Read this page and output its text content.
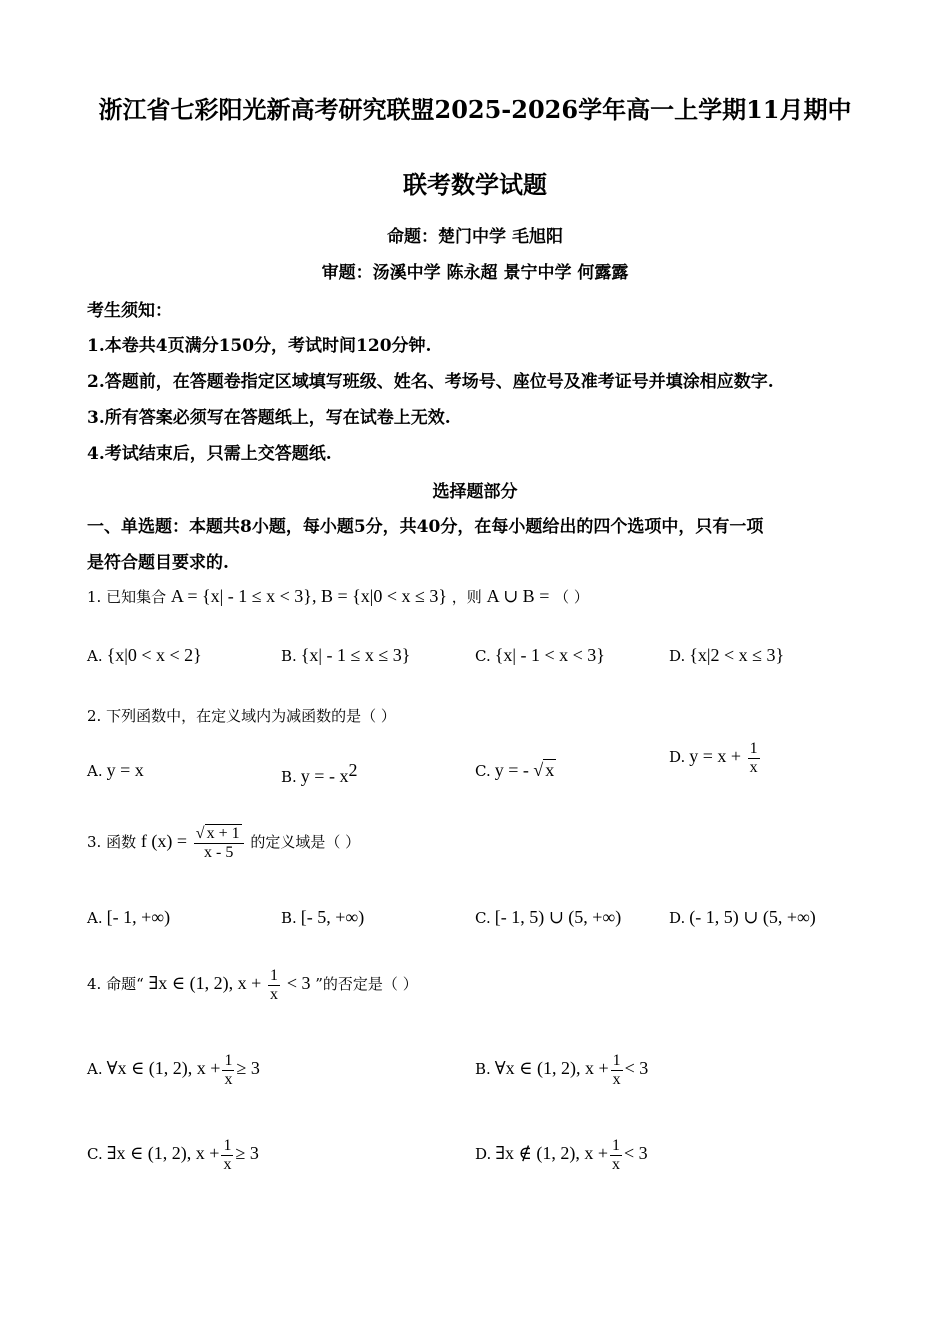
浙江省七彩阳光新高考研究联盟2025-2026学年高一上学期11月期中
联考数学试题
命题：楚门中学 毛旭阳
审题：汤溪中学 陈永超 景宁中学 何露露
考生须知：
1.本卷共4页满分150分，考试时间120分钟.
2.答题前，在答题卷指定区域填写班级、姓名、考场号、座位号及准考证号并填涂相应数字.
3.所有答案必须写在答题纸上，写在试卷上无效.
4.考试结束后，只需上交答题纸.
选择题部分
一、单选题：本题共8小题，每小题5分，共40分，在每小题给出的四个选项中，只有一项
是符合题目要求的.
1. 已知集合 A = {x| - 1 ≤ x < 3}, B = {x|0 < x ≤ 3} ，则 A ∪ B = （ ）
A. {x|0 < x < 2}	B. {x| - 1 ≤ x ≤ 3}	C. {x| - 1 < x < 3}	D. {x|2 < x ≤ 3}
2. 下列函数中，在定义域内为减函数的是（ ）
A. y = x	B. y = - $x^2$	C. y = - √ x
D. $y = x + \frac{1}{x}$
3. 函数 f $(x) = \frac{√ x + 1}{x - 5}$ 的定义域是（ ）
A. [- 1, +∞)	B. [- 5, +∞)	C. [- 1, 5) ∪ (5, +∞)	D. (- 1, 5) ∪ (5, +∞)
4. 命题“ ∃x ∈ (1, 2), $x + \frac{1}{x} < 3$ ”的否定是（ ）
A. ∀x ∈ (1, 2), $x + \frac{1}{x} \ge 3$	B. ∀x ∈ (1, 2), $x + \frac{1}{x} < 3$
C. ∃x ∈ (1, 2), $x + \frac{1}{x} \ge 3$	D. ∃x ∉ (1, 2), $x + \frac{1}{x} < 3$
